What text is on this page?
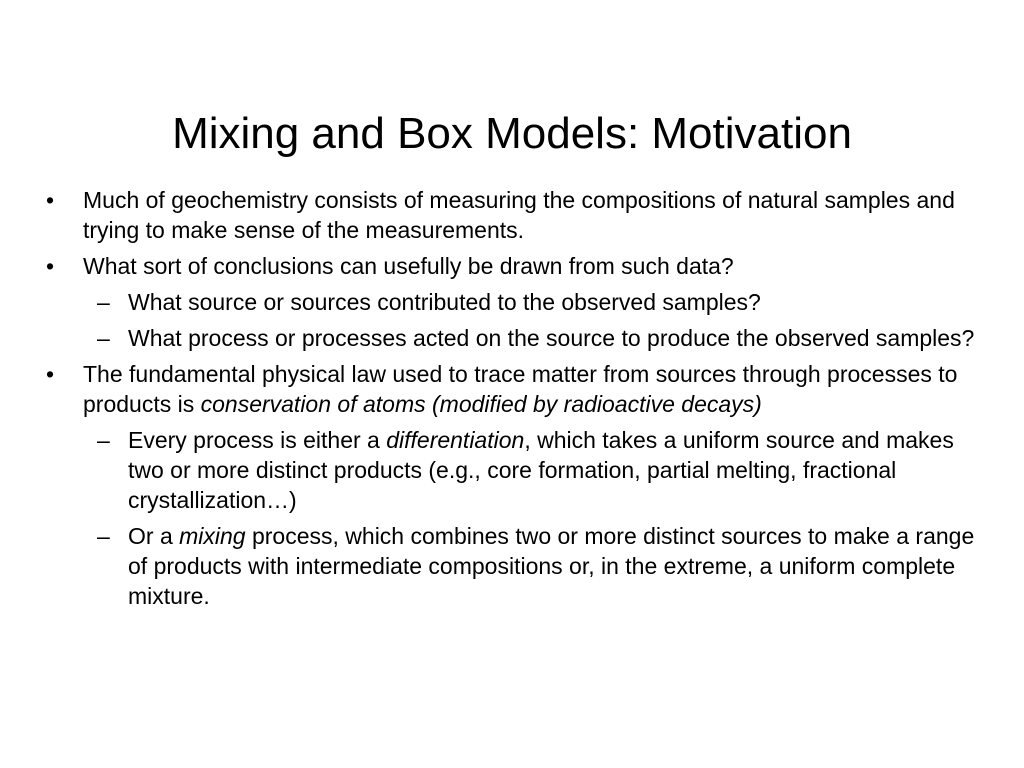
Mixing and Box Models: Motivation
• Much of geochemistry consists of measuring the compositions of natural samples and trying to make sense of the measurements.
• What sort of conclusions can usefully be drawn from such data?
– What source or sources contributed to the observed samples?
– What process or processes acted on the source to produce the observed samples?
• The fundamental physical law used to trace matter from sources through processes to products is conservation of atoms (modified by radioactive decays)
– Every process is either a differentiation, which takes a uniform source and makes two or more distinct products (e.g., core formation, partial melting, fractional crystallization…)
– Or a mixing process, which combines two or more distinct sources to make a range of products with intermediate compositions or, in the extreme, a uniform complete mixture.
